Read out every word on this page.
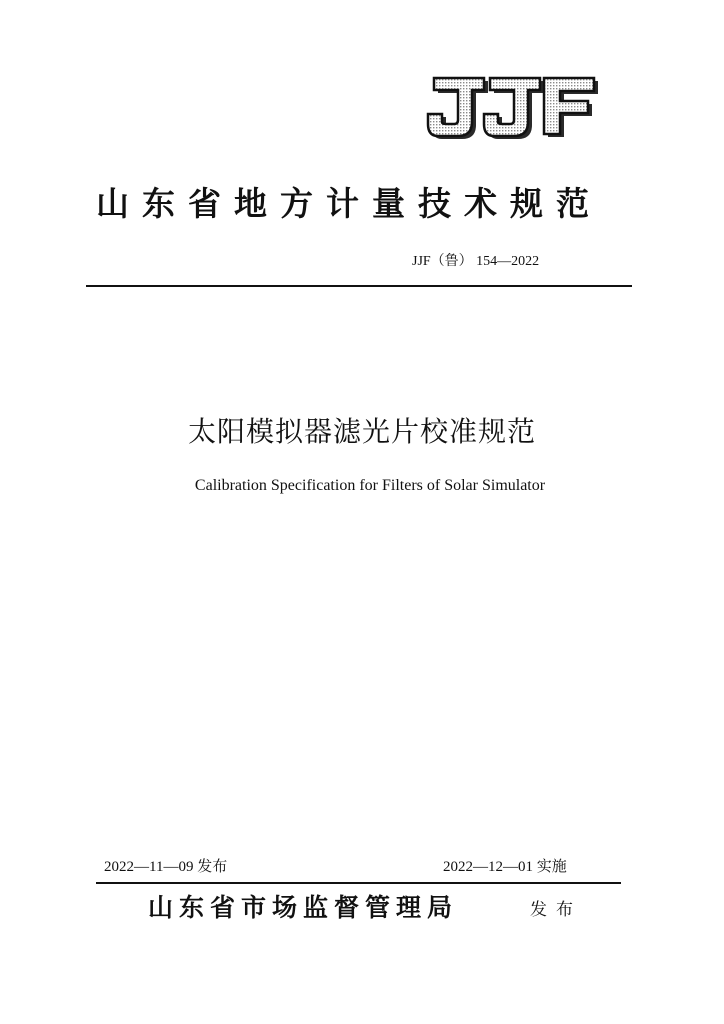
山东省地方计量技术规范
JJF（鲁） 154—2022
太阳模拟器滤光片校准规范
Calibration Specification for Filters of Solar Simulator
2022—11—09 发布	2022—12—01 实施
山东省市场监督管理局	发布
